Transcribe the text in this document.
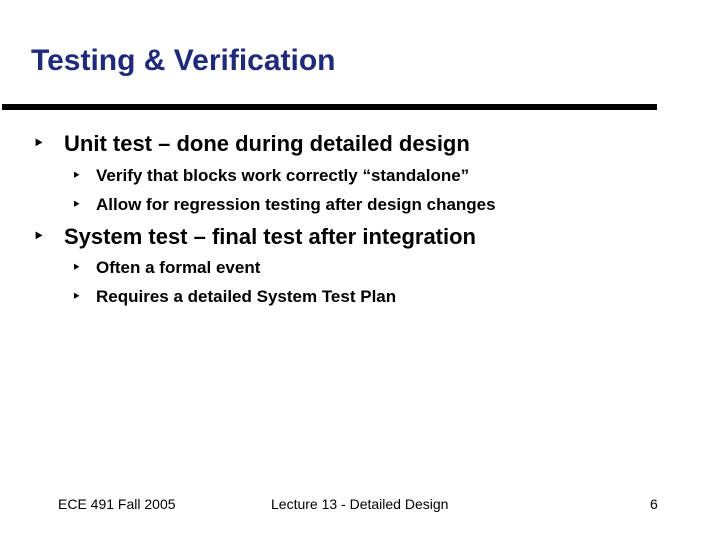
Testing & Verification
‣ Unit test – done during detailed design
‣ Verify that blocks work correctly “standalone”
‣ Allow for regression testing after design changes
‣ System test – final test after integration
‣ Often a formal event
‣ Requires a detailed System Test Plan
ECE 491 Fall 2005	Lecture 13 - Detailed Design	6
